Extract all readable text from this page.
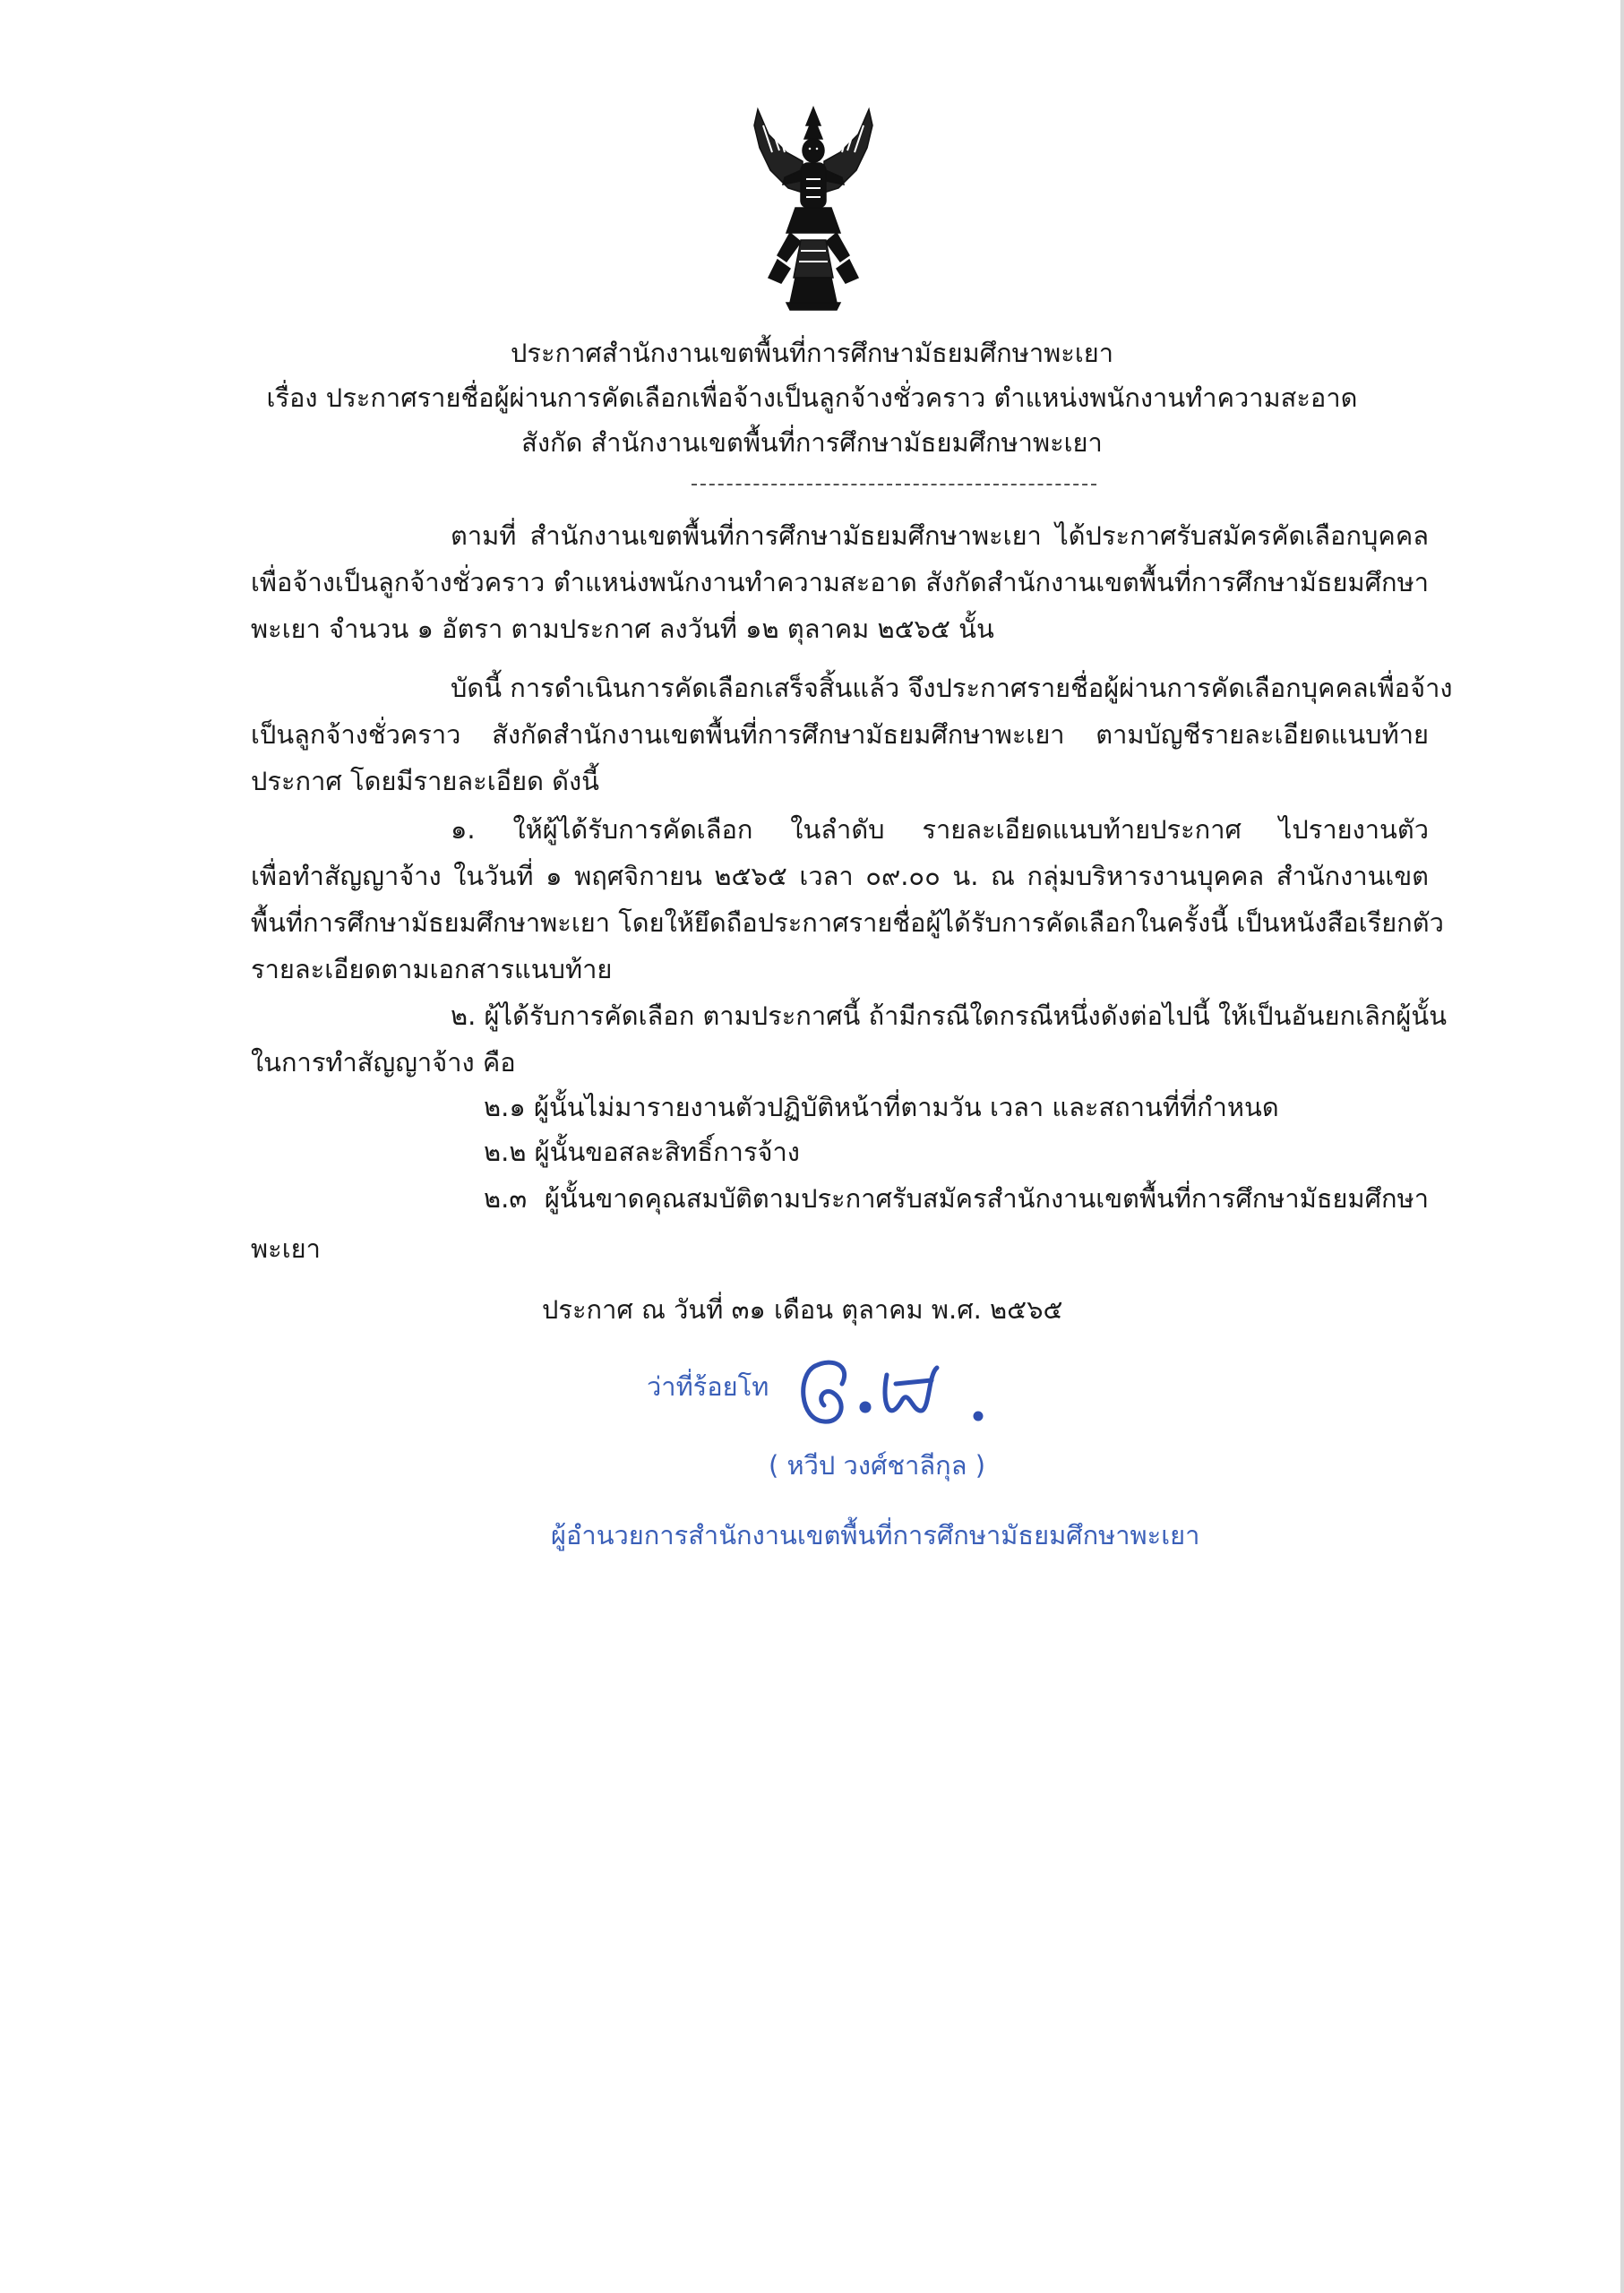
ประกาศสำนักงานเขตพื้นที่การศึกษามัธยมศึกษาพะเยา
เรื่อง ประกาศรายชื่อผู้ผ่านการคัดเลือกเพื่อจ้างเป็นลูกจ้างชั่วคราว ตำแหน่งพนักงานทำความสะอาด
สังกัด สำนักงานเขตพื้นที่การศึกษามัธยมศึกษาพะเยา
ตามที่ สำนักงานเขตพื้นที่การศึกษามัธยมศึกษาพะเยา ได้ประกาศรับสมัครคัดเลือกบุคคล
เพื่อจ้างเป็นลูกจ้างชั่วคราว ตำแหน่งพนักงานทำความสะอาด สังกัดสำนักงานเขตพื้นที่การศึกษามัธยมศึกษา
พะเยา จำนวน ๑ อัตรา ตามประกาศ ลงวันที่ ๑๒ ตุลาคม ๒๕๖๕ นั้น
บัดนี้ การดำเนินการคัดเลือกเสร็จสิ้นแล้ว จึงประกาศรายชื่อผู้ผ่านการคัดเลือกบุคคลเพื่อจ้าง
เป็นลูกจ้างชั่วคราว สังกัดสำนักงานเขตพื้นที่การศึกษามัธยมศึกษาพะเยา ตามบัญชีรายละเอียดแนบท้าย
ประกาศ โดยมีรายละเอียด ดังนี้
๑. ให้ผู้ได้รับการคัดเลือก ในลำดับ รายละเอียดแนบท้ายประกาศ ไปรายงานตัว
เพื่อทำสัญญาจ้าง ในวันที่ ๑ พฤศจิกายน ๒๕๖๕ เวลา ๐๙.๐๐ น. ณ กลุ่มบริหารงานบุคคล สำนักงานเขต
พื้นที่การศึกษามัธยมศึกษาพะเยา โดยให้ยึดถือประกาศรายชื่อผู้ได้รับการคัดเลือกในครั้งนี้ เป็นหนังสือเรียกตัว
รายละเอียดตามเอกสารแนบท้าย
๒. ผู้ได้รับการคัดเลือก ตามประกาศนี้ ถ้ามีกรณีใดกรณีหนึ่งดังต่อไปนี้ ให้เป็นอันยกเลิกผู้นั้น
ในการทำสัญญาจ้าง คือ
๒.๑ ผู้นั้นไม่มารายงานตัวปฏิบัติหน้าที่ตามวัน เวลา และสถานที่ที่กำหนด
๒.๒ ผู้นั้นขอสละสิทธิ์การจ้าง
๒.๓ ผู้นั้นขาดคุณสมบัติตามประกาศรับสมัครสำนักงานเขตพื้นที่การศึกษามัธยมศึกษา
พะเยา
ประกาศ ณ วันที่ ๓๑ เดือน ตุลาคม พ.ศ. ๒๕๖๕
ว่าที่ร้อยโท
( หวีป วงศ์ชาลีกุล )
ผู้อำนวยการสำนักงานเขตพื้นที่การศึกษามัธยมศึกษาพะเยา
